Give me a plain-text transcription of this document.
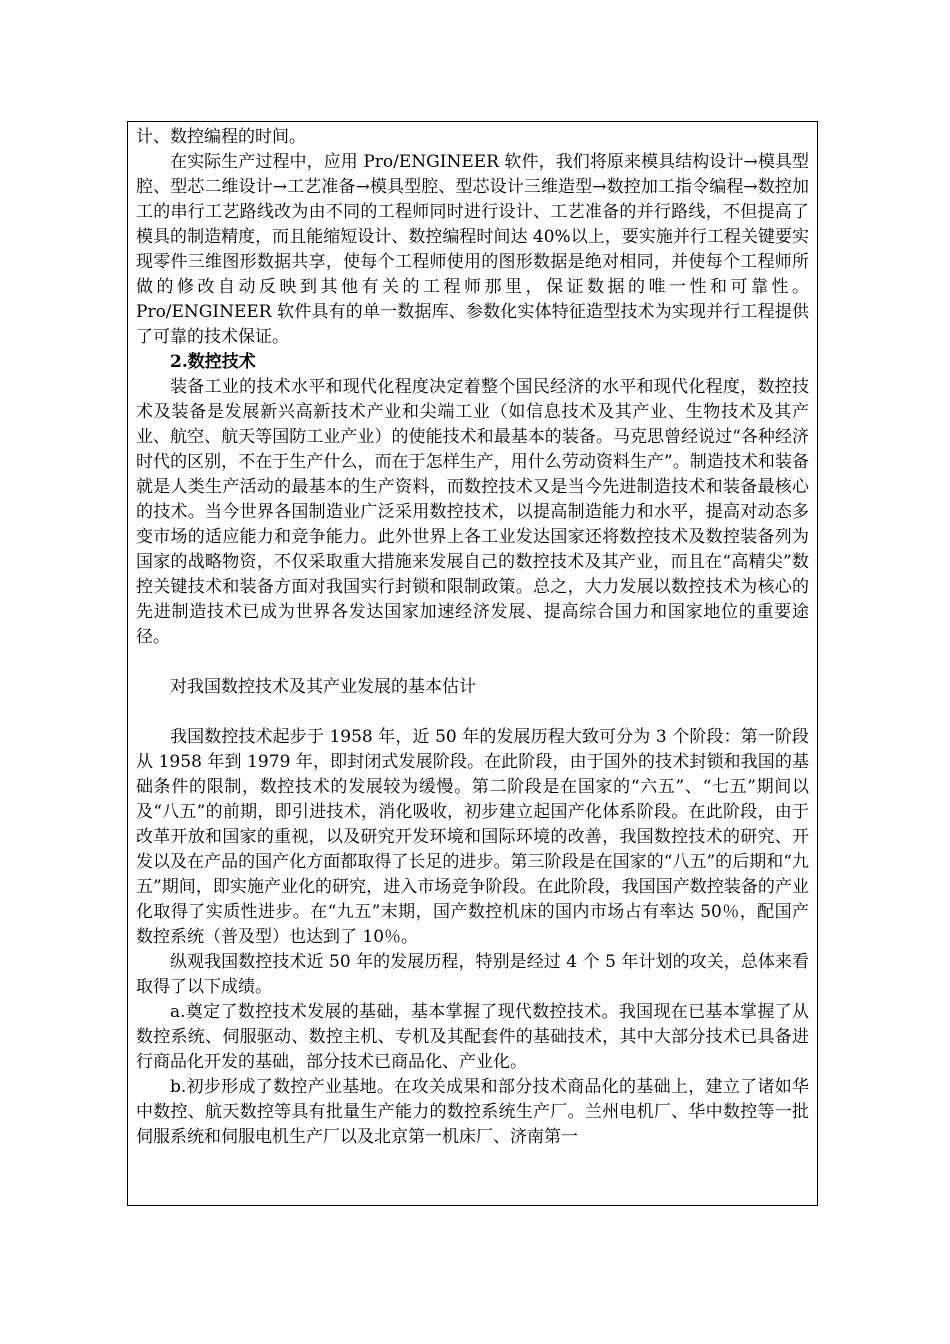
计、数控编程的时间。

在实际生产过程中，应用 Pro/ENGINEER 软件，我们将原来模具结构设计→模具型腔、型芯二维设计→工艺准备→模具型腔、型芯设计三维造型→数控加工指令编程→数控加工的串行工艺路线改为由不同的工程师同时进行设计、工艺准备的并行路线，不但提高了模具的制造精度，而且能缩短设计、数控编程时间达 40%以上，要实施并行工程关键要实现零件三维图形数据共享，使每个工程师使用的图形数据是绝对相同，并使每个工程师所做的修改自动反映到其他有关的工程师那里，保证数据的唯一性和可靠性。Pro/ENGINEER 软件具有的单一数据库、参数化实体特征造型技术为实现并行工程提供了可靠的技术保证。

2.数控技术

装备工业的技术水平和现代化程度决定着整个国民经济的水平和现代化程度，数控技术及装备是发展新兴高新技术产业和尖端工业（如信息技术及其产业、生物技术及其产业、航空、航天等国防工业产业）的使能技术和最基本的装备。马克思曾经说过“各种经济时代的区别，不在于生产什么，而在于怎样生产，用什么劳动资料生产”。制造技术和装备就是人类生产活动的最基本的生产资料，而数控技术又是当今先进制造技术和装备最核心的技术。当今世界各国制造业广泛采用数控技术，以提高制造能力和水平，提高对动态多变市场的适应能力和竞争能力。此外世界上各工业发达国家还将数控技术及数控装备列为国家的战略物资，不仅采取重大措施来发展自己的数控技术及其产业，而且在“高精尖”数控关键技术和装备方面对我国实行封锁和限制政策。总之，大力发展以数控技术为核心的先进制造技术已成为世界各发达国家加速经济发展、提高综合国力和国家地位的重要途径。

对我国数控技术及其产业发展的基本估计

我国数控技术起步于 1958 年，近 50 年的发展历程大致可分为 3 个阶段：第一阶段从 1958 年到 1979 年，即封闭式发展阶段。在此阶段，由于国外的技术封锁和我国的基础条件的限制，数控技术的发展较为缓慢。第二阶段是在国家的“六五”、“七五”期间以及“八五”的前期，即引进技术，消化吸收，初步建立起国产化体系阶段。在此阶段，由于改革开放和国家的重视，以及研究开发环境和国际环境的改善，我国数控技术的研究、开发以及在产品的国产化方面都取得了长足的进步。第三阶段是在国家的“八五”的后期和“九五”期间，即实施产业化的研究，进入市场竞争阶段。在此阶段，我国国产数控装备的产业化取得了实质性进步。在“九五”末期，国产数控机床的国内市场占有率达 50％，配国产数控系统（普及型）也达到了 10％。

纵观我国数控技术近 50 年的发展历程，特别是经过 4 个 5 年计划的攻关，总体来看取得了以下成绩。

a.奠定了数控技术发展的基础，基本掌握了现代数控技术。我国现在已基本掌握了从数控系统、伺服驱动、数控主机、专机及其配套件的基础技术，其中大部分技术已具备进行商品化开发的基础，部分技术已商品化、产业化。

b.初步形成了数控产业基地。在攻关成果和部分技术商品化的基础上，建立了诸如华中数控、航天数控等具有批量生产能力的数控系统生产厂。兰州电机厂、华中数控等一批伺服系统和伺服电机生产厂以及北京第一机床厂、济南第一
